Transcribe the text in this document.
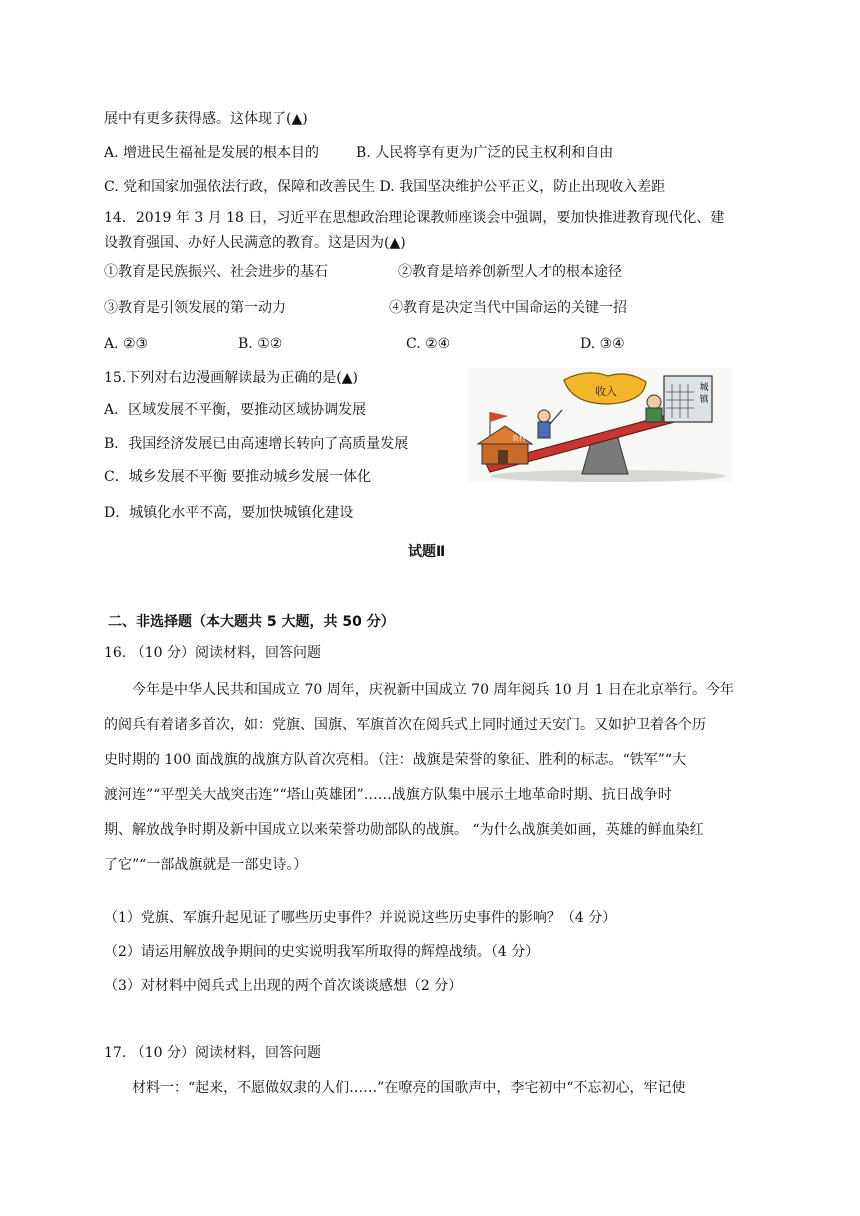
展中有更多获得感。这体现了(▲)

A. 增进民生福祉是发展的根本目的	B. 人民将享有更为广泛的民主权利和自由

C. 党和国家加强依法行政，保障和改善民生 D. 我国坚决维护公平正义，防止出现收入差距

14．2019 年 3 月 18 日，习近平在思想政治理论课教师座谈会中强调，要加快推进教育现代化、建

设教育强国、办好人民满意的教育。这是因为(▲)

①教育是民族振兴、社会进步的基石	②教育是培养创新型人才的根本途径

③教育是引领发展的第一动力	④教育是决定当代中国命运的关键一招

A. ②③	B. ①②	C. ②④	D. ③④

15.下列对右边漫画解读最为正确的是(▲)

A．区域发展不平衡，要推动区域协调发展

B．我国经济发展已由高速增长转向了高质量发展

C．城乡发展不平衡 要推动城乡发展一体化

D．城镇化水平不高，要加快城镇化建设

城
镇
收入
农村

试题Ⅱ

二、非选择题（本大题共 5 大题，共 50 分）

16. （10 分）阅读材料，回答问题

今年是中华人民共和国成立 70 周年，庆祝新中国成立 70 周年阅兵 10 月 1 日在北京举行。今年

的阅兵有着诸多首次，如：党旗、国旗、军旗首次在阅兵式上同时通过天安门。又如护卫着各个历

史时期的 100 面战旗的战旗方队首次亮相。（注：战旗是荣誉的象征、胜利的标志。“铁军”“大

渡河连”“平型关大战突击连”“塔山英雄团”……战旗方队集中展示土地革命时期、抗日战争时

期、解放战争时期及新中国成立以来荣誉功勋部队的战旗。 “为什么战旗美如画，英雄的鲜血染红

了它”“一部战旗就是一部史诗。）

（1）党旗、军旗升起见证了哪些历史事件？并说说这些历史事件的影响？（4 分）

（2）请运用解放战争期间的史实说明我军所取得的辉煌战绩。（4 分）

（3）对材料中阅兵式上出现的两个首次谈谈感想（2 分）

17. （10 分）阅读材料，回答问题

材料一：“起来，不愿做奴隶的人们……”在嘹亮的国歌声中，李宅初中“不忘初心，牢记使
